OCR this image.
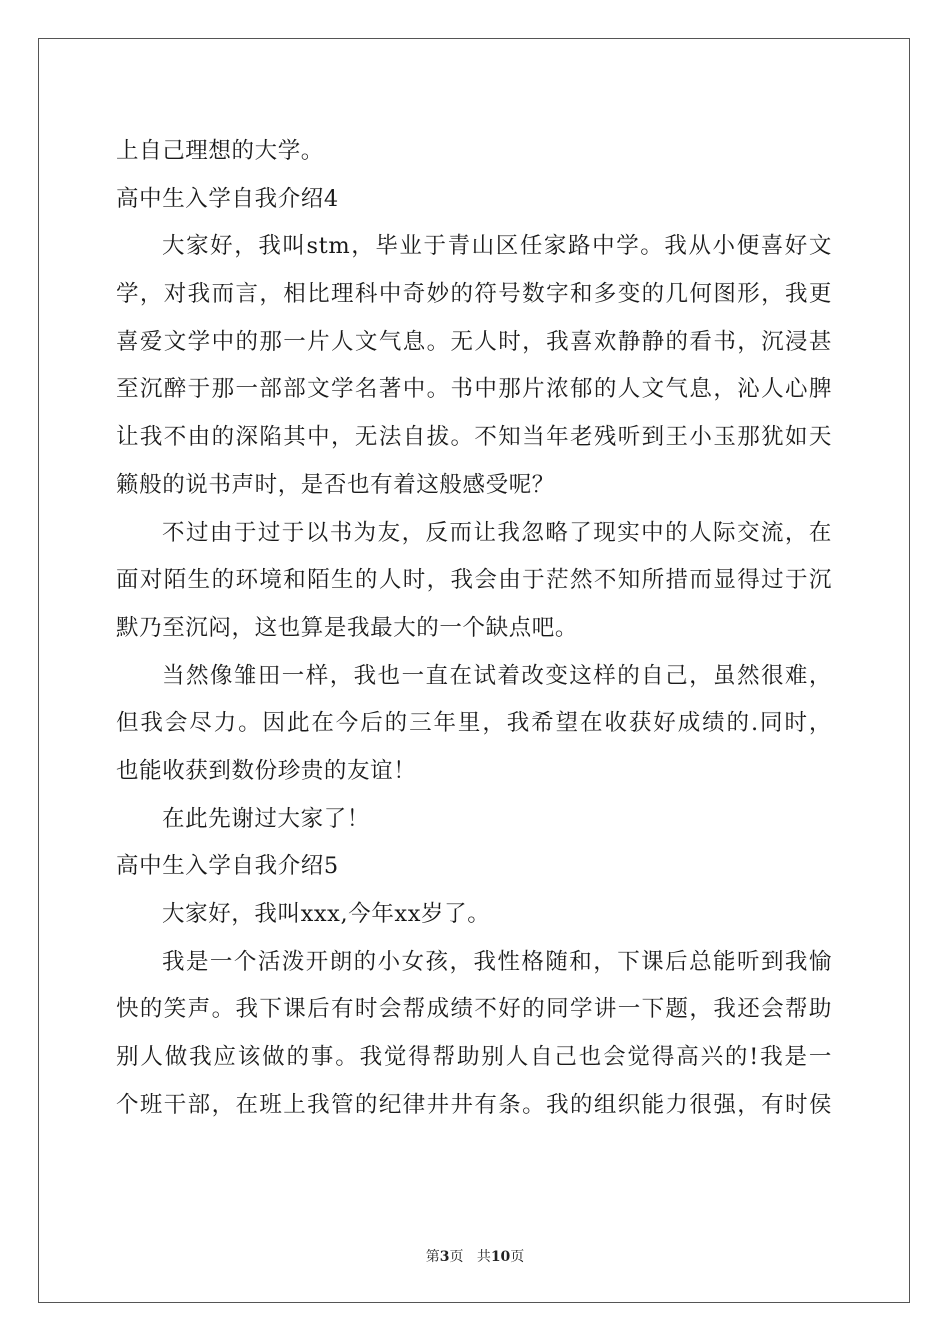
上自己理想的大学。
高中生入学自我介绍4
大家好，我叫stm，毕业于青山区任家路中学。我从小便喜好文
学，对我而言，相比理科中奇妙的符号数字和多变的几何图形，我更
喜爱文学中的那一片人文气息。无人时，我喜欢静静的看书，沉浸甚
至沉醉于那一部部文学名著中。书中那片浓郁的人文气息，沁人心脾
让我不由的深陷其中，无法自拔。不知当年老残听到王小玉那犹如天
籁般的说书声时，是否也有着这般感受呢？
不过由于过于以书为友，反而让我忽略了现实中的人际交流，在
面对陌生的环境和陌生的人时，我会由于茫然不知所措而显得过于沉
默乃至沉闷，这也算是我最大的一个缺点吧。
当然像雏田一样，我也一直在试着改变这样的自己，虽然很难，
但我会尽力。因此在今后的三年里，我希望在收获好成绩的.同时，
也能收获到数份珍贵的友谊！
在此先谢过大家了！
高中生入学自我介绍5
大家好，我叫xxx,今年xx岁了。
我是一个活泼开朗的小女孩，我性格随和，下课后总能听到我愉
快的笑声。我下课后有时会帮成绩不好的同学讲一下题，我还会帮助
别人做我应该做的事。我觉得帮助别人自己也会觉得高兴的!我是一
个班干部，在班上我管的纪律井井有条。我的组织能力很强，有时侯
第3页 共10页
